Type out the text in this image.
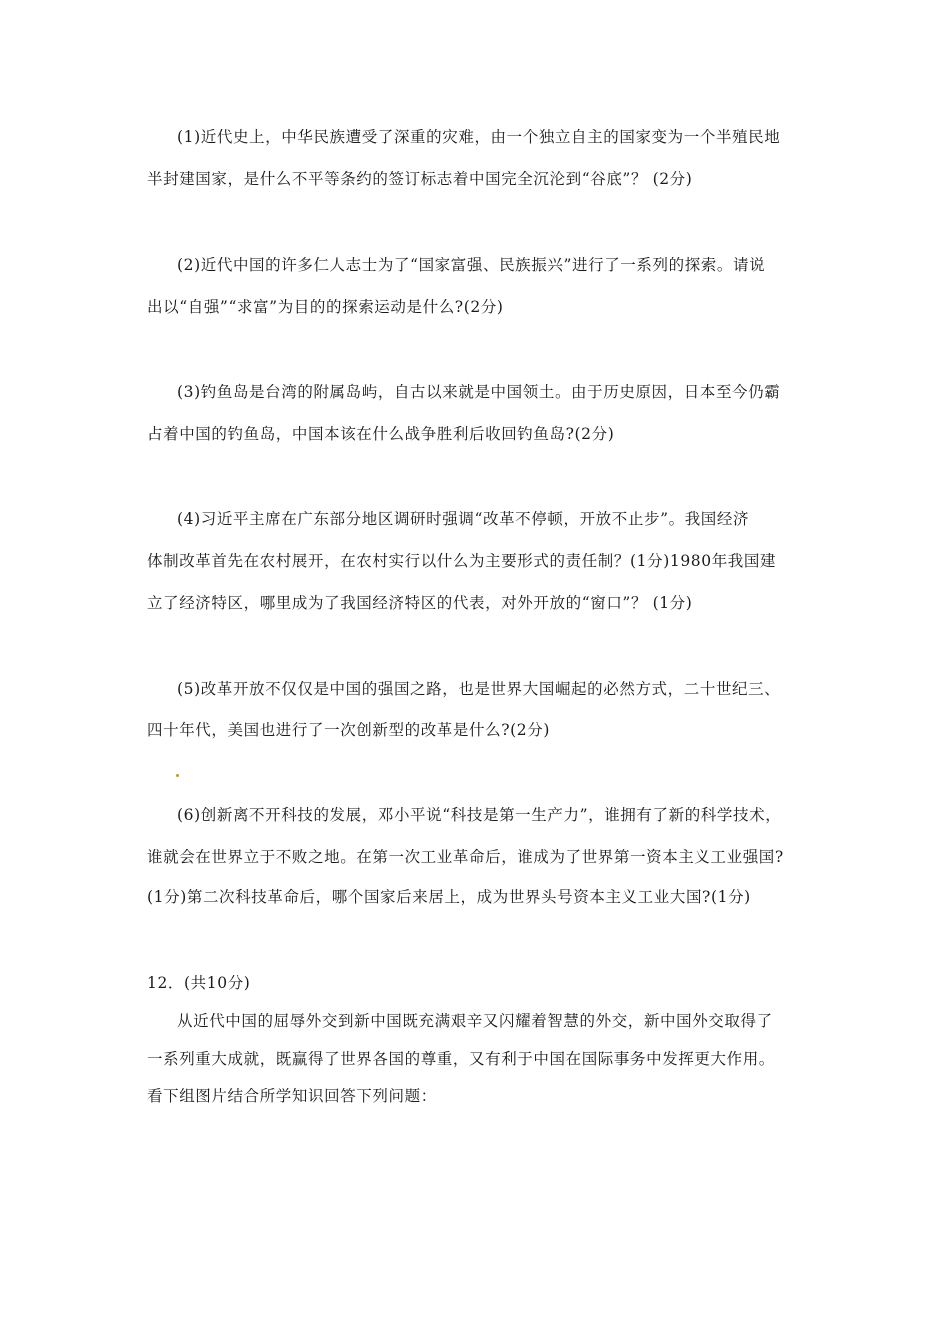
(1)近代史上，中华民族遭受了深重的灾难，由一个独立自主的国家变为一个半殖民地
半封建国家，是什么不平等条约的签订标志着中国完全沉沦到“谷底”？ (2分)
(2)近代中国的许多仁人志士为了“国家富强、民族振兴”进行了一系列的探索。请说
出以“自强”“求富”为目的的探索运动是什么?(2分)
(3)钓鱼岛是台湾的附属岛屿，自古以来就是中国领土。由于历史原因，日本至今仍霸
占着中国的钓鱼岛，中国本该在什么战争胜利后收回钓鱼岛?(2分)
(4)习近平主席在广东部分地区调研时强调“改革不停顿，开放不止步”。我国经济
体制改革首先在农村展开，在农村实行以什么为主要形式的责任制？(1分)1980年我国建
立了经济特区，哪里成为了我国经济特区的代表，对外开放的“窗口”？ (1分)
(5)改革开放不仅仅是中国的强国之路，也是世界大国崛起的必然方式，二十世纪三、
四十年代，美国也进行了一次创新型的改革是什么?(2分)
(6)创新离不开科技的发展，邓小平说“科技是第一生产力”，谁拥有了新的科学技术，
谁就会在世界立于不败之地。在第一次工业革命后，谁成为了世界第一资本主义工业强国?
(1分)第二次科技革命后，哪个国家后来居上，成为世界头号资本主义工业大国?(1分)
12．(共10分)
从近代中国的屈辱外交到新中国既充满艰辛又闪耀着智慧的外交，新中国外交取得了
一系列重大成就，既赢得了世界各国的尊重，又有利于中国在国际事务中发挥更大作用。
看下组图片结合所学知识回答下列问题：
